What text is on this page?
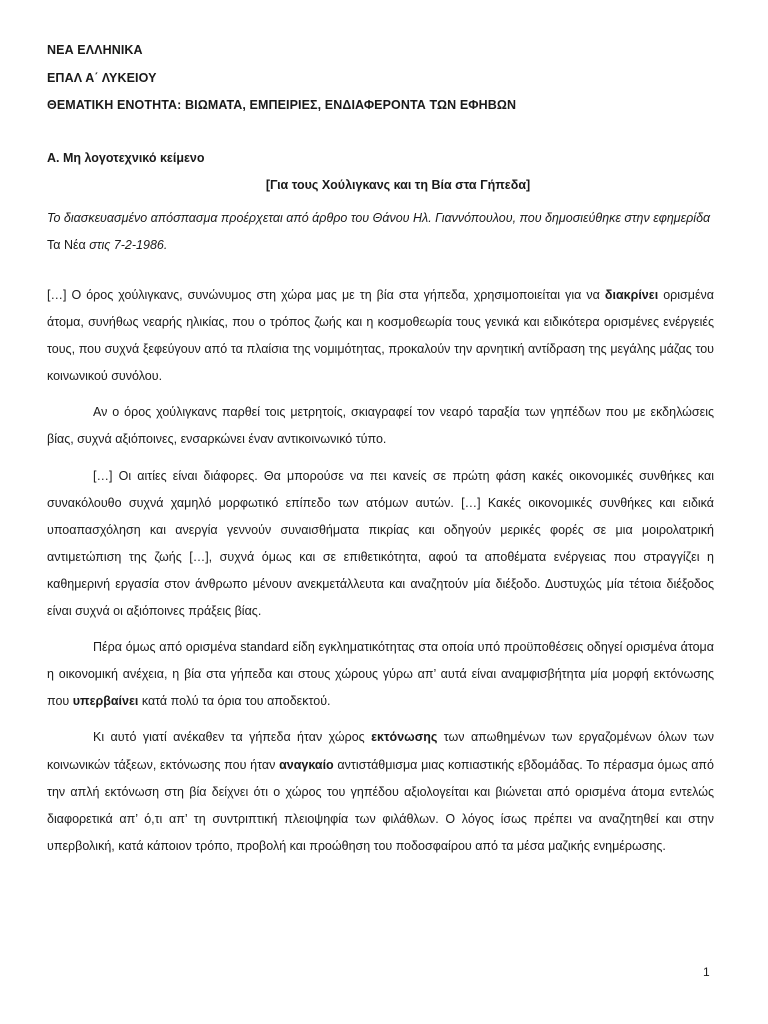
ΝΕΑ ΕΛΛΗΝΙΚΑ
ΕΠΑΛ Α΄ ΛΥΚΕΙΟΥ
ΘΕΜΑΤΙΚΗ ΕΝΟΤΗΤΑ: ΒΙΩΜΑΤΑ, ΕΜΠΕΙΡΙΕΣ, ΕΝΔΙΑΦΕΡΟΝΤΑ ΤΩΝ ΕΦΗΒΩΝ
Α. Μη λογοτεχνικό κείμενο
[Για τους Χούλιγκανς και τη Βία στα Γήπεδα]
Το διασκευασμένο απόσπασμα προέρχεται από άρθρο του Θάνου Ηλ. Γιαννόπουλου, που δημοσιεύθηκε στην εφημερίδα Τα Νέα στις 7-2-1986.

[…] Ο όρος χούλιγκανς, συνώνυμος στη χώρα μας με τη βία στα γήπεδα, χρησιμοποιείται για να διακρίνει ορισμένα άτομα, συνήθως νεαρής ηλικίας, που ο τρόπος ζωής και η κοσμοθεωρία τους γενικά και ειδικότερα ορισμένες ενέργειές τους, που συχνά ξεφεύγουν από τα πλαίσια της νομιμότητας, προκαλούν την αρνητική αντίδραση της μεγάλης μάζας του κοινωνικού συνόλου.

Αν ο όρος χούλιγκανς παρθεί τοις μετρητοίς, σκιαγραφεί τον νεαρό ταραξία των γηπέδων που με εκδηλώσεις βίας, συχνά αξιόποινες, ενσαρκώνει έναν αντικοινωνικό τύπο.

[…] Οι αιτίες είναι διάφορες. Θα μπορούσε να πει κανείς σε πρώτη φάση κακές οικονομικές συνθήκες και συνακόλουθο συχνά χαμηλό μορφωτικό επίπεδο των ατόμων αυτών. […] Κακές οικονομικές συνθήκες και ειδικά υποαπασχόληση και ανεργία γεννούν συναισθήματα πικρίας και οδηγούν μερικές φορές σε μια μοιρολατρική αντιμετώπιση της ζωής […], συχνά όμως και σε επιθετικότητα, αφού τα αποθέματα ενέργειας που στραγγίζει η καθημερινή εργασία στον άνθρωπο μένουν ανεκμετάλλευτα και αναζητούν μία διέξοδο. Δυστυχώς μία τέτοια διέξοδος είναι συχνά οι αξιόποινες πράξεις βίας.

Πέρα όμως από ορισμένα standard είδη εγκληματικότητας στα οποία υπό προϋποθέσεις οδηγεί ορισμένα άτομα η οικονομική ανέχεια, η βία στα γήπεδα και στους χώρους γύρω απ’ αυτά είναι αναμφισβήτητα μία μορφή εκτόνωσης που υπερβαίνει κατά πολύ τα όρια του αποδεκτού.

Κι αυτό γιατί ανέκαθεν τα γήπεδα ήταν χώρος εκτόνωσης των απωθημένων των εργαζομένων όλων των κοινωνικών τάξεων, εκτόνωσης που ήταν αναγκαίο αντιστάθμισμα μιας κοπιαστικής εβδομάδας. Το πέρασμα όμως από την απλή εκτόνωση στη βία δείχνει ότι ο χώρος του γηπέδου αξιολογείται και βιώνεται από ορισμένα άτομα εντελώς διαφορετικά απ’ ό,τι απ’ τη συντριπτική πλειοψηφία των φιλάθλων. Ο λόγος ίσως πρέπει να αναζητηθεί και στην υπερβολική, κατά κάποιον τρόπο, προβολή και προώθηση του ποδοσφαίρου από τα μέσα μαζικής ενημέρωσης.

1
